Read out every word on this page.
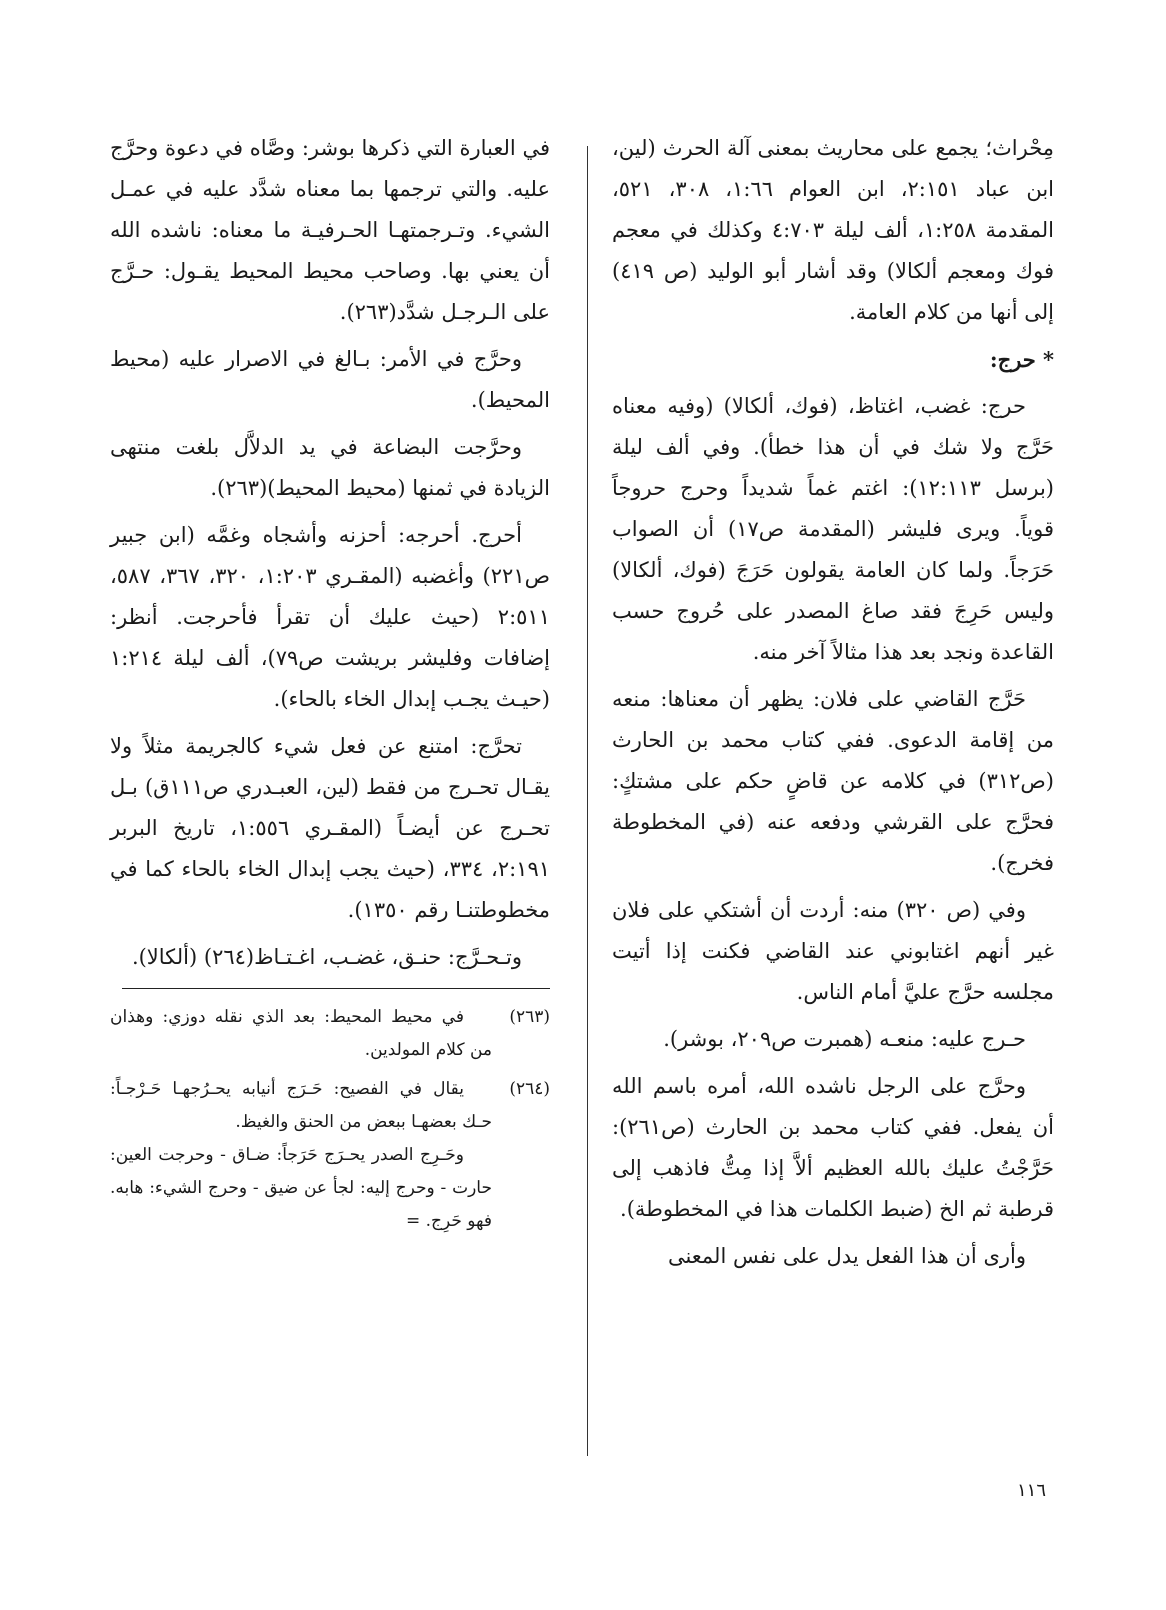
مِحْراث؛ يجمع على محاريث بمعنى آلة الحرث (لين، ابن عباد ٢:١٥١، ابن العوام ١:٦٦، ٣٠٨، ٥٢١، المقدمة ١:٢٥٨، ألف ليلة ٤:٧٠٣ وكذلك في معجم فوك ومعجم ألكالا) وقد أشار أبو الوليد (ص ٤١٩) إلى أنها من كلام العامة.

* حرج:

حرج: غضب، اغتاظ، (فوك، ألكالا) (وفيه معناه حَرَّج ولا شك في أن هذا خطأ). وفي ألف ليلة (برسل ١٢:١١٣): اغتم غماً شديداً وحرج حروجاً قوياً. ويرى فليشر (المقدمة ص١٧) أن الصواب حَرَجاً. ولما كان العامة يقولون حَرَجَ (فوك، ألكالا) وليس حَرِجَ فقد صاغ المصدر على حُروج حسب القاعدة ونجد بعد هذا مثالاً آخر منه.

حَرَّج القاضي على فلان: يظهر أن معناها: منعه من إقامة الدعوى. ففي كتاب محمد بن الحارث (ص٣١٢) في كلامه عن قاضٍ حكم على مشتكٍ: فحرَّج على القرشي ودفعه عنه (في المخطوطة فخرج).

وفي (ص ٣٢٠) منه: أردت أن أشتكي على فلان غير أنهم اغتابوني عند القاضي فكنت إذا أتيت مجلسه حرَّج عليَّ أمام الناس.

حـرج عليه: منعـه (همبرت ص٢٠٩، بوشر).

وحرَّج على الرجل ناشده الله، أمره باسم الله أن يفعل. ففي كتاب محمد بن الحارث (ص٢٦١): حَرَّجْتُ عليك بالله العظيم ألاَّ إذا مِتُّ فاذهب إلى قرطبة ثم الخ (ضبط الكلمات هذا في المخطوطة).

وأرى أن هذا الفعل يدل على نفس المعنى

في العبارة التي ذكرها بوشر: وصَّاه في دعوة وحرَّج عليه. والتي ترجمها بما معناه شدَّد عليه في عمـل الشيء. وتـرجمتهـا الحـرفيـة ما معناه: ناشده الله أن يعني بها. وصاحب محيط المحيط يقـول: حـرَّج على الـرجـل شدَّد(٢٦٣).

وحرَّج في الأمر: بـالغ في الاصرار عليه (محيط المحيط).

وحرَّجت البضاعة في يد الدلاَّل بلغت منتهى الزيادة في ثمنها (محيط المحيط)(٢٦٣).

أحرج. أحرجه: أحزنه وأشجاه وغمَّه (ابن جبير ص٢٢١) وأغضبه (المقـري ١:٢٠٣، ٣٢٠، ٣٦٧، ٥٨٧، ٢:٥١١ (حيث عليك أن تقرأ فأحرجت. أنظر: إضافات وفليشر بريشت ص٧٩)، ألف ليلة ١:٢١٤ (حيـث يجـب إبدال الخاء بالحاء).

تحرَّج: امتنع عن فعل شيء كالجريمة مثلاً ولا يقـال تحـرج من فقط (لين، العبـدري ص١١١ق) بـل تحـرج عن أيضـاً (المقـري ١:٥٥٦، تاريخ البربر ٢:١٩١، ٣٣٤، (حيث يجب إبدال الخاء بالحاء كما في مخطوطتنـا رقم ١٣٥٠).

وتـحـرَّج: حنـق، غضـب، اغـتـاظ(٢٦٤) (ألكالا).

(٢٦٣)

في محيط المحيط: بعد الذي نقله دوزي: وهذان من كلام المولدين.

(٢٦٤)

يقال في الفصيح: حَـرَج أنيابه يحـرُجهـا حَـرْجـاً: حـك بعضهـا ببعض من الحنق والغيظ.

وحَـرِج الصدر يحـرَج حَرَجاً: ضـاق - وحرجت العين: حارت - وحرج إليه: لجأ عن ضيق - وحرج الشيء: هابه. فهو حَرِج. =

١١٦
